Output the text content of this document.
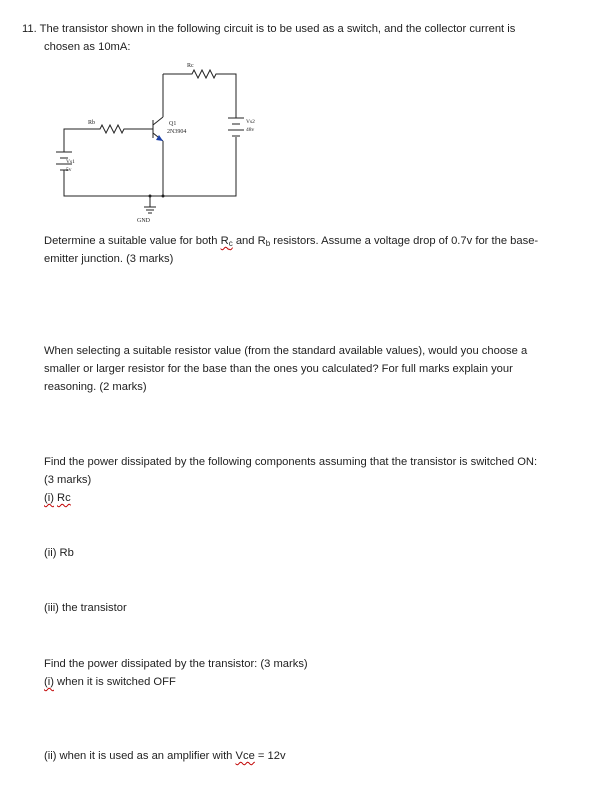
11. The transistor shown in the following circuit is to be used as a switch, and the collector current is
chosen as 10mA:
Rc
Rb	Q1
2N3904
Vs1
5v
Vs2
48v
GND
Determine a suitable value for both $R_c$ and $R_b$ resistors. Assume a voltage drop of 0.7v for the base-
emitter junction. (3 marks)
When selecting a suitable resistor value (from the standard available values), would you choose a
smaller or larger resistor for the base than the ones you calculated? For full marks explain your
reasoning. (2 marks)
Find the power dissipated by the following components assuming that the transistor is switched ON:
(3 marks)
(i) Rc
(ii) Rb
(iii) the transistor
Find the power dissipated by the transistor: (3 marks)
(i) when it is switched OFF
(ii) when it is used as an amplifier with Vce = 12v
